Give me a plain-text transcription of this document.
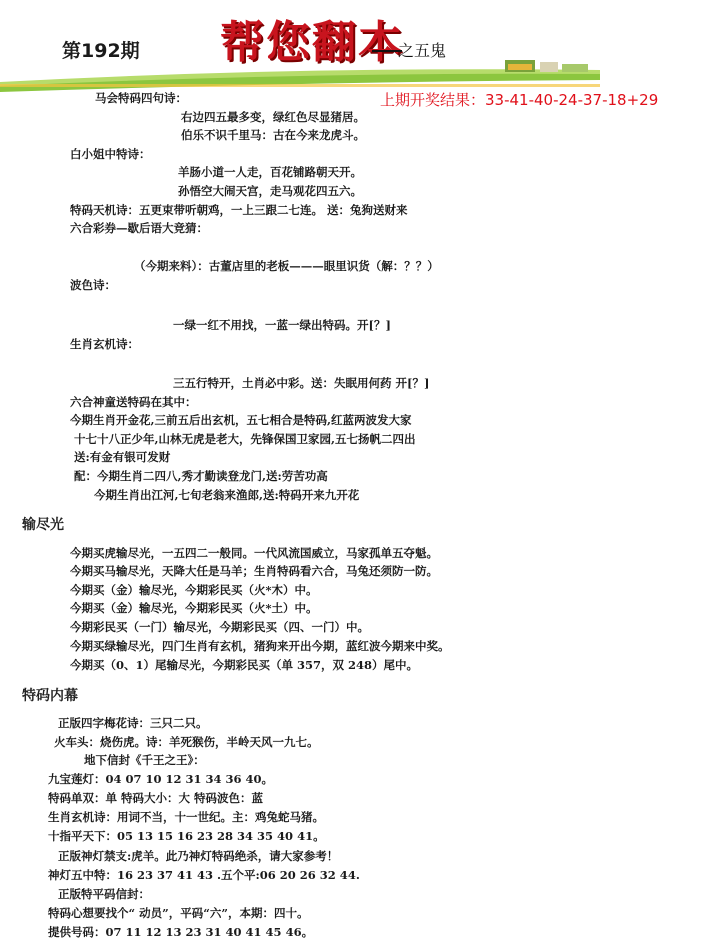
第192期 帮您翻本
之五鬼
上期开奖结果：33-41-40-24-37-18+29
马会特码四句诗：
右边四五最多变，绿红色尽显猪居。
伯乐不识千里马：古在今来龙虎斗。
白小姐中特诗：
羊肠小道一人走，百花铺路朝天开。
孙悟空大闹天宫，走马观花四五六。
特码天机诗：五更束带听朝鸡，一上三跟二七连。 送：兔狗送财来
六合彩券—歇后语大竞猜：
（今期来料）：古董店里的老板———眼里识货（解：？？）
波色诗：
一绿一红不用找，一蓝一绿出特码。开[？]
生肖玄机诗：
三五行特开，土肖必中彩。送：失眠用何药 开[？]
六合神童送特码在其中：
今期生肖开金花,三前五后出玄机，五七相合是特码,红蓝两波发大家
十七十八正少年,山林无虎是老大，先锋保国卫家园,五七扬帆二四出
送:有金有银可发财
配：今期生肖二四八,秀才勤读登龙门,送:劳苦功高
今期生肖出江河,七旬老翁来渔郎,送:特码开来九开花
输尽光
今期买虎输尽光，一五四二一般同。一代风流国威立，马家孤单五夺魁。
今期买马输尽光，天降大任是马羊；生肖特码看六合，马兔还须防一防。
今期买（金）输尽光，今期彩民买（火*木）中。
今期买（金）输尽光，今期彩民买（火*土）中。
今期彩民买（一门）输尽光，今期彩民买（四、一门）中。
今期买绿输尽光，四门生肖有玄机，猪狗来开出今期，蓝红波今期来中奖。
今期买（0、1）尾输尽光，今期彩民买（单 357，双 248）尾中。
特码内幕
正版四字梅花诗：三只二只。
火车头：烧伤虎。诗：羊死猴伤，半岭天风一九七。
地下信封《千王之王》：
九宝莲灯：04 07 10 12 31 34 36 40。
特码单双：单 特码大小：大 特码波色：蓝
生肖玄机诗：用词不当，十一世纪。主：鸡兔蛇马猪。
十指平天下：05 13 15 16 23 28 34 35 40 41。
正版神灯禁支:虎羊。此乃神灯特码绝杀，请大家参考！
神灯五中特：16 23 37 41 43 .五个平:06 20 26 32 44.
正版特平码信封：
特码心想要找个“ 动员”，平码“六”，本期：四十。
提供号码：07 11 12 13 23 31 40 41 45 46。
